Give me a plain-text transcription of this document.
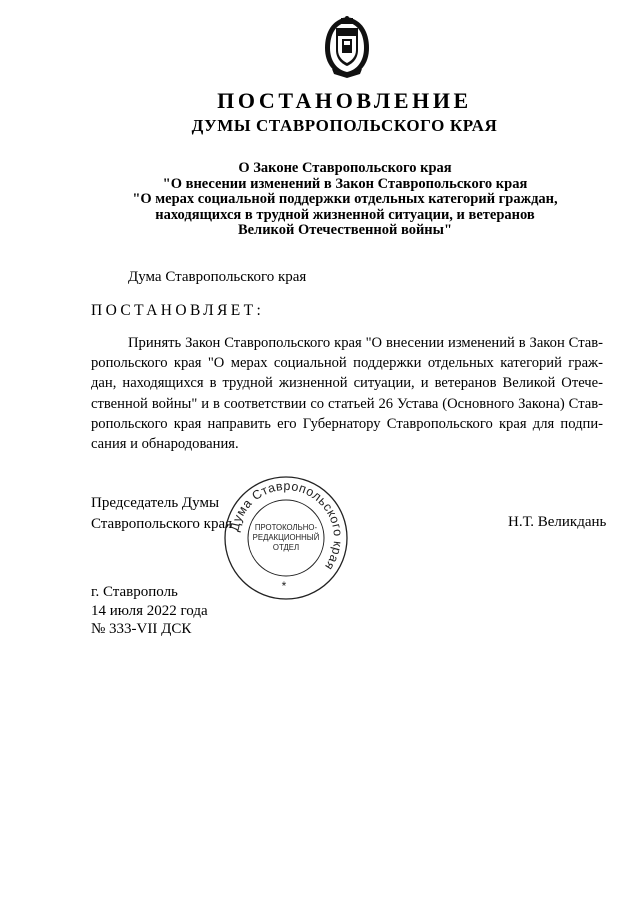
ПОСТАНОВЛЕНИЕ
ДУМЫ СТАВРОПОЛЬСКОГО КРАЯ
О Законе Ставропольского края
"О внесении изменений в Закон Ставропольского края
"О мерах социальной поддержки отдельных категорий граждан,
находящихся в трудной жизненной ситуации, и ветеранов
Великой Отечественной войны"
Дума Ставропольского края
ПОСТАНОВЛЯЕТ:
Принять Закон Ставропольского края "О внесении изменений в Закон Став-
ропольского края "О мерах социальной поддержки отдельных категорий граж-
дан, находящихся в трудной жизненной ситуации, и ветеранов Великой Отече-
ственной войны" и в соответствии со статьей 26 Устава (Основного Закона) Став-
ропольского края направить его Губернатору Ставропольского края для подпи-
сания и обнародования.
Председатель Думы
Ставропольского края
Дума Ставропольского края
ПРОТОКОЛЬНО-
РЕДАКЦИОННЫЙ
ОТДЕЛ
*
Н.Т. Великдань
г. Ставрополь
14 июля 2022 года
№ 333-VII ДСК
